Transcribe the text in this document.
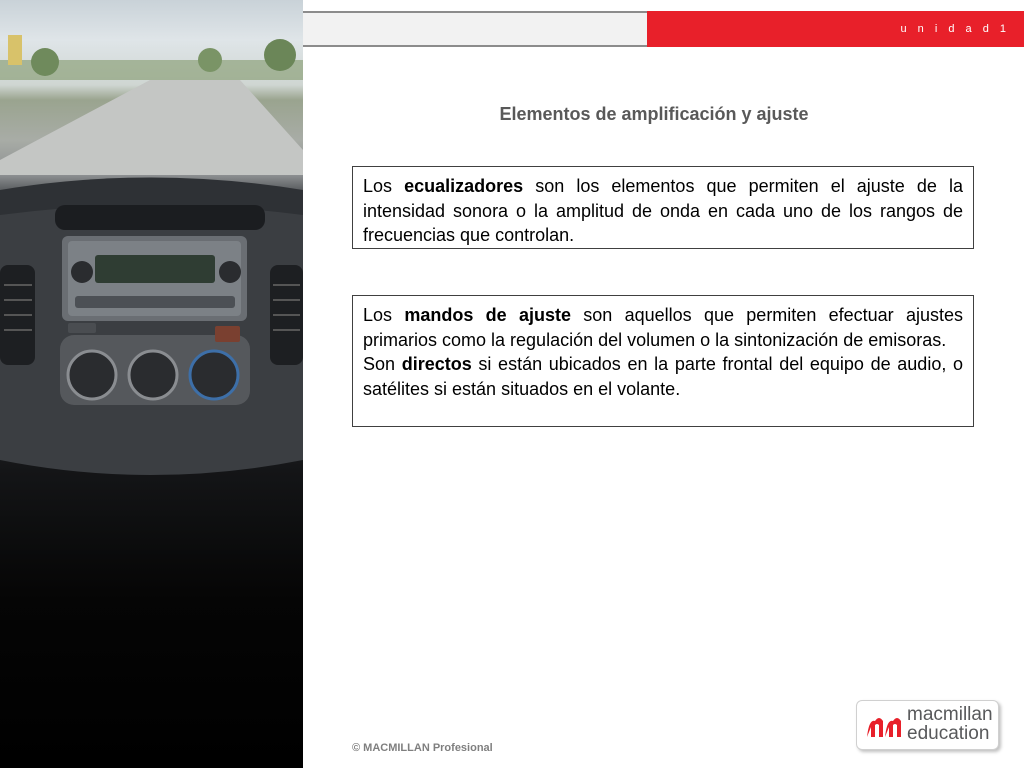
u n i d a d 1
Elementos de amplificación y ajuste

Los ecualizadores son los elementos que permiten el ajuste de la intensidad sonora o la amplitud de onda en cada uno de los rangos de frecuencias que controlan.

Los mandos de ajuste son aquellos que permiten efectuar ajustes primarios como la regulación del volumen o la sintonización de emisoras.

Son directos si están ubicados en la parte frontal del equipo de audio, o satélites si están situados en el volante.

© MACMILLAN Profesional
macmillan
education
